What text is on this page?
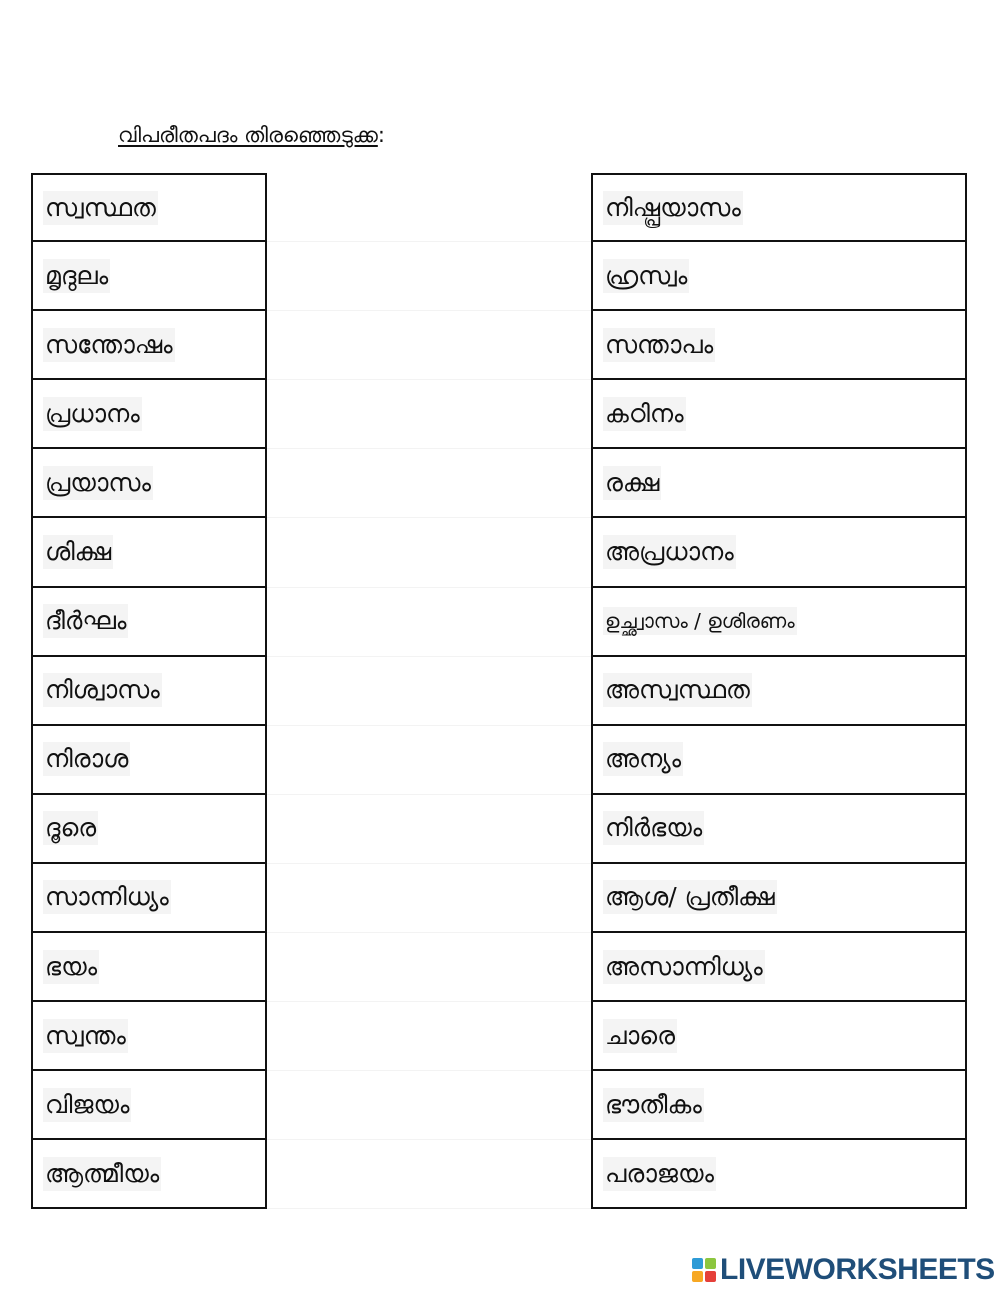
വിപരീതപദം തിരഞ്ഞെടുക്ക:
സ്വസ്ഥത	നിഷ്പ്രയാസം
മൃദുലം	ഹ്രസ്വം
സന്തോഷം	സന്താപം
പ്രധാനം	കഠിനം
പ്രയാസം	രക്ഷ
ശിക്ഷ	അപ്രധാനം
ദീർഘം	ഉച്ഛ്വാസം / ഉശിരണം
നിശ്വാസം	അസ്വസ്ഥത
നിരാശ	അന്യം
ദൂരെ	നിർഭയം
സാന്നിധ്യം	ആശ/ പ്രതീക്ഷ
ഭയം	അസാന്നിധ്യം
സ്വന്തം	ചാരെ
വിജയം	ഭൗതീകം
ആത്മീയം	പരാജയം
LIVEWORKSHEETS
